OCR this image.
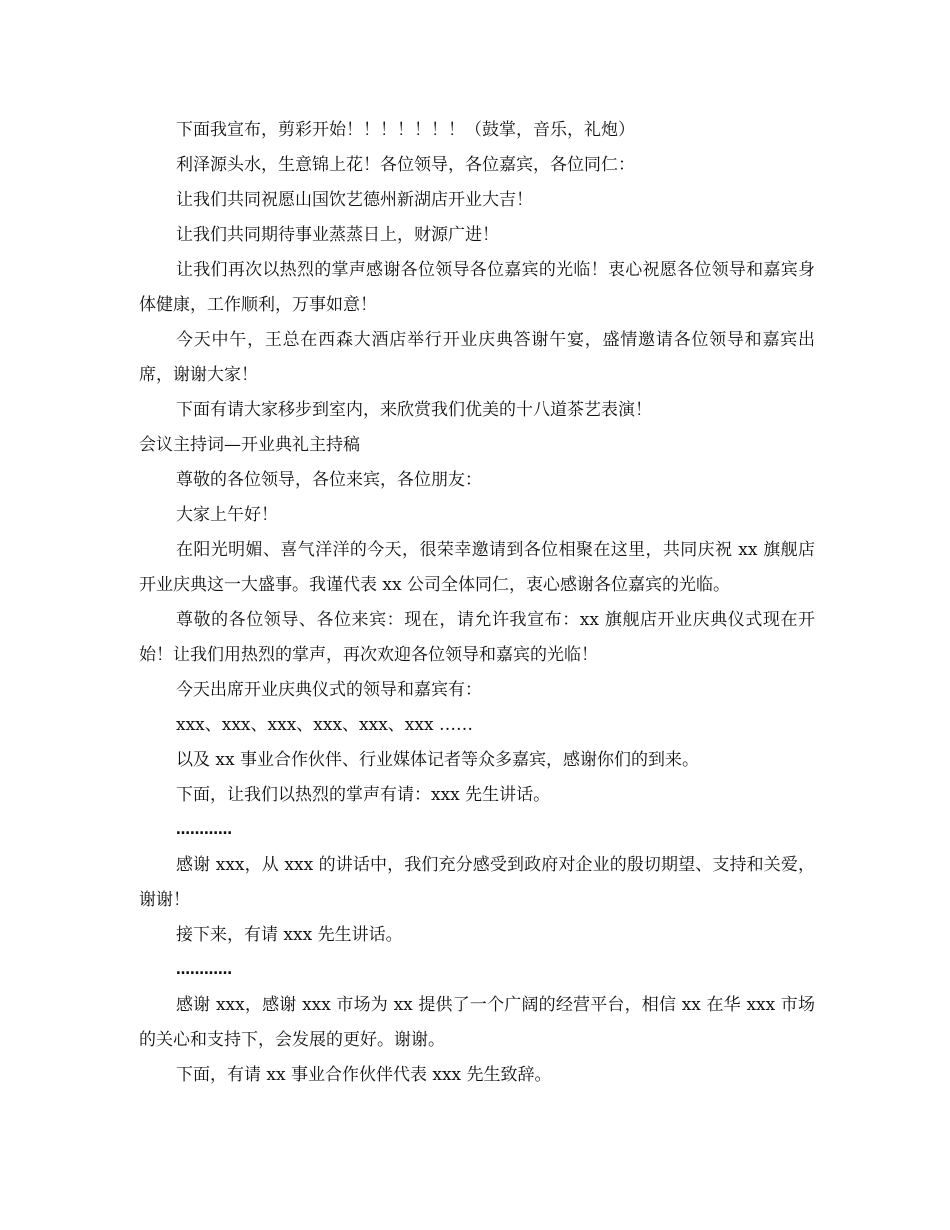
下面我宣布，剪彩开始！！！！！！！（鼓掌，音乐，礼炮）

利泽源头水，生意锦上花！各位领导，各位嘉宾，各位同仁：

让我们共同祝愿山国饮艺德州新湖店开业大吉！

让我们共同期待事业蒸蒸日上，财源广进！

让我们再次以热烈的掌声感谢各位领导各位嘉宾的光临！衷心祝愿各位领导和嘉宾身体健康，工作顺利，万事如意！

今天中午，王总在西森大酒店举行开业庆典答谢午宴，盛情邀请各位领导和嘉宾出席，谢谢大家！

下面有请大家移步到室内，来欣赏我们优美的十八道茶艺表演！

会议主持词—开业典礼主持稿

尊敬的各位领导，各位来宾，各位朋友：

大家上午好！

在阳光明媚、喜气洋洋的今天，很荣幸邀请到各位相聚在这里，共同庆祝 xx 旗舰店开业庆典这一大盛事。我谨代表 xx 公司全体同仁，衷心感谢各位嘉宾的光临。

尊敬的各位领导、各位来宾：现在，请允许我宣布：xx 旗舰店开业庆典仪式现在开始！让我们用热烈的掌声，再次欢迎各位领导和嘉宾的光临！

今天出席开业庆典仪式的领导和嘉宾有：

xxx、xxx、xxx、xxx、xxx、xxx ……

以及 xx 事业合作伙伴、行业媒体记者等众多嘉宾，感谢你们的到来。

下面，让我们以热烈的掌声有请：xxx 先生讲话。

…………

感谢 xxx，从 xxx 的讲话中，我们充分感受到政府对企业的殷切期望、支持和关爱，谢谢！

接下来，有请 xxx 先生讲话。

…………

感谢 xxx，感谢 xxx 市场为 xx 提供了一个广阔的经营平台，相信 xx 在华 xxx 市场的关心和支持下，会发展的更好。谢谢。

下面，有请 xx 事业合作伙伴代表 xxx 先生致辞。
